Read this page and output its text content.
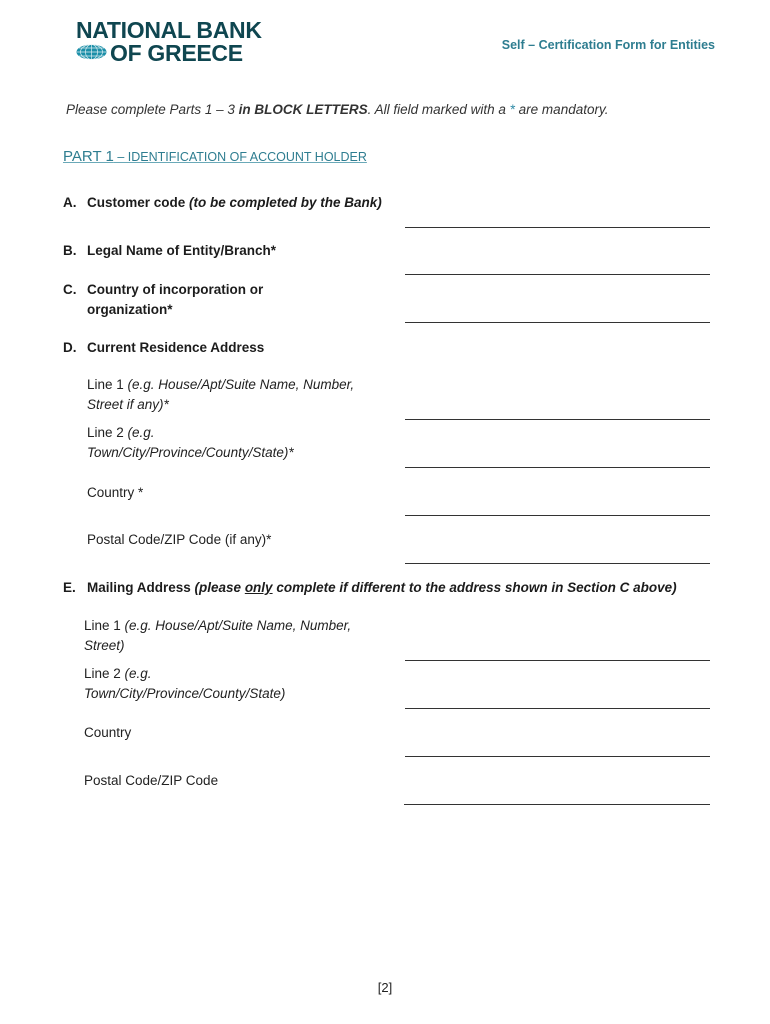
NATIONAL BANK
OF GREECE	Self – Certification Form for Entities
Please complete Parts 1 – 3 in BLOCK LETTERS. All field marked with a * are mandatory.
PART 1 – IDENTIFICATION OF ACCOUNT HOLDER
A. Customer code (to be completed by the Bank)
B. Legal Name of Entity/Branch*
C. Country of incorporation or
organization*
D. Current Residence Address
Line 1 (e.g. House/Apt/Suite Name, Number,
Street if any)*
Line 2 (e.g.
Town/City/Province/County/State)*
Country *
Postal Code/ZIP Code (if any)*
E. Mailing Address (please only complete if different to the address shown in Section C above)
Line 1 (e.g. House/Apt/Suite Name, Number,
Street)
Line 2 (e.g.
Town/City/Province/County/State)
Country
Postal Code/ZIP Code
[2]
